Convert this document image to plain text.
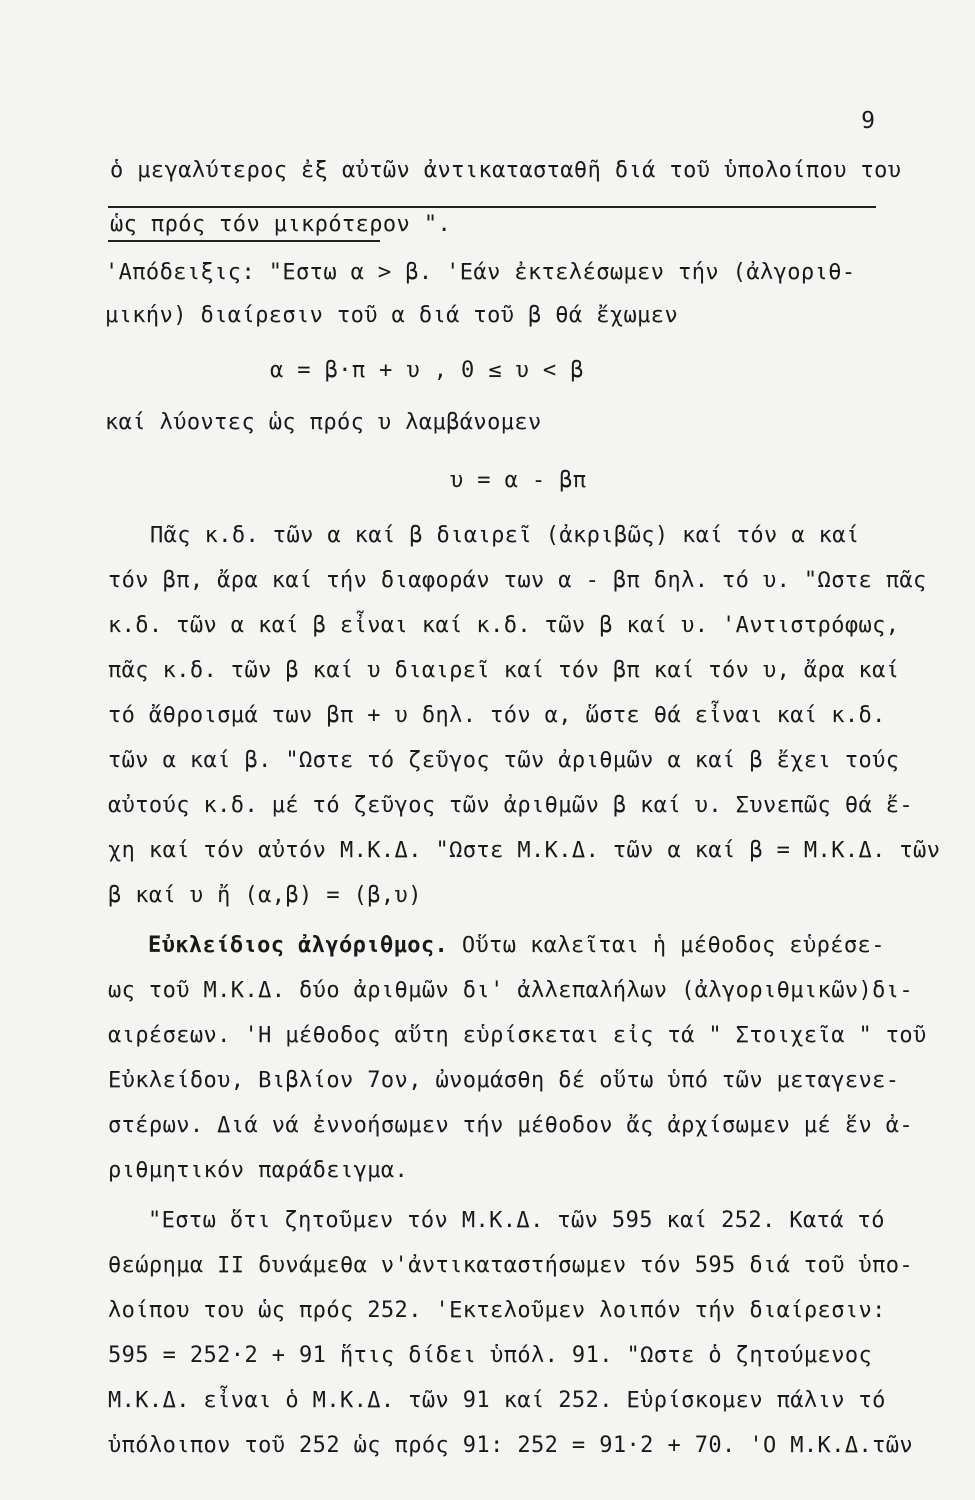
9
ὁ μεγαλύτερος ἐξ αὐτῶν ἀντικατασταθῆ διά τοῦ ὑπολοίπου του
ὡς πρός τόν μικρότερον ".
'Απόδειξις: "Εστω α > β. 'Εάν ἐκτελέσωμεν τήν (ἀλγοριθ-
μικήν) διαίρεσιν τοῦ α διά τοῦ β θά ἔχωμεν
α = β·π + υ , 0 ≤ υ < β
καί λύοντες ὡς πρός υ λαμβάνομεν
υ = α - βπ
Πᾶς κ.δ. τῶν α καί β διαιρεῖ (ἀκριβῶς) καί τόν α καί
τόν βπ, ἄρα καί τήν διαφοράν των α - βπ δηλ. τό υ. "Ωστε πᾶς
κ.δ. τῶν α καί β εἶναι καί κ.δ. τῶν β καί υ. 'Αντιστρόφως,
πᾶς κ.δ. τῶν β καί υ διαιρεῖ καί τόν βπ καί τόν υ, ἄρα καί
τό ἄθροισμά των βπ + υ δηλ. τόν α, ὥστε θά εἶναι καί κ.δ.
τῶν α καί β. "Ωστε τό ζεῦγος τῶν ἀριθμῶν α καί β ἔχει τούς
αὐτούς κ.δ. μέ τό ζεῦγος τῶν ἀριθμῶν β καί υ. Συνεπῶς θά ἔ-
χη καί τόν αὐτόν Μ.Κ.Δ. "Ωστε Μ.Κ.Δ. τῶν α καί β = Μ.Κ.Δ. τῶν
β καί υ ἤ (α,β) = (β,υ)
Εὐκλείδιος ἀλγόριθμος. Οὕτω καλεῖται ἡ μέθοδος εὑρέσε-
ως τοῦ Μ.Κ.Δ. δύο ἀριθμῶν δι' ἀλλεπαλήλων (ἀλγοριθμικῶν)δι-
αιρέσεων. 'Η μέθοδος αὕτη εὑρίσκεται εἰς τά " Στοιχεῖα " τοῦ
Εὐκλείδου, Βιβλίον 7ον, ὠνομάσθη δέ οὕτω ὑπό τῶν μεταγενε-
στέρων. Διά νά ἐννοήσωμεν τήν μέθοδον ἄς ἀρχίσωμεν μέ ἕν ἀ-
ριθμητικόν παράδειγμα.
"Εστω ὅτι ζητοῦμεν τόν Μ.Κ.Δ. τῶν 595 καί 252. Κατά τό
θεώρημα ΙΙ δυνάμεθα ν'ἀντικαταστήσωμεν τόν 595 διά τοῦ ὑπο-
λοίπου του ὡς πρός 252. 'Εκτελοῦμεν λοιπόν τήν διαίρεσιν:
595 = 252·2 + 91 ἥτις δίδει ὑπόλ. 91. "Ωστε ὁ ζητούμενος
Μ.Κ.Δ. εἶναι ὁ Μ.Κ.Δ. τῶν 91 καί 252. Εὑρίσκομεν πάλιν τό
ὑπόλοιπον τοῦ 252 ὡς πρός 91: 252 = 91·2 + 70. 'Ο Μ.Κ.Δ.τῶν
